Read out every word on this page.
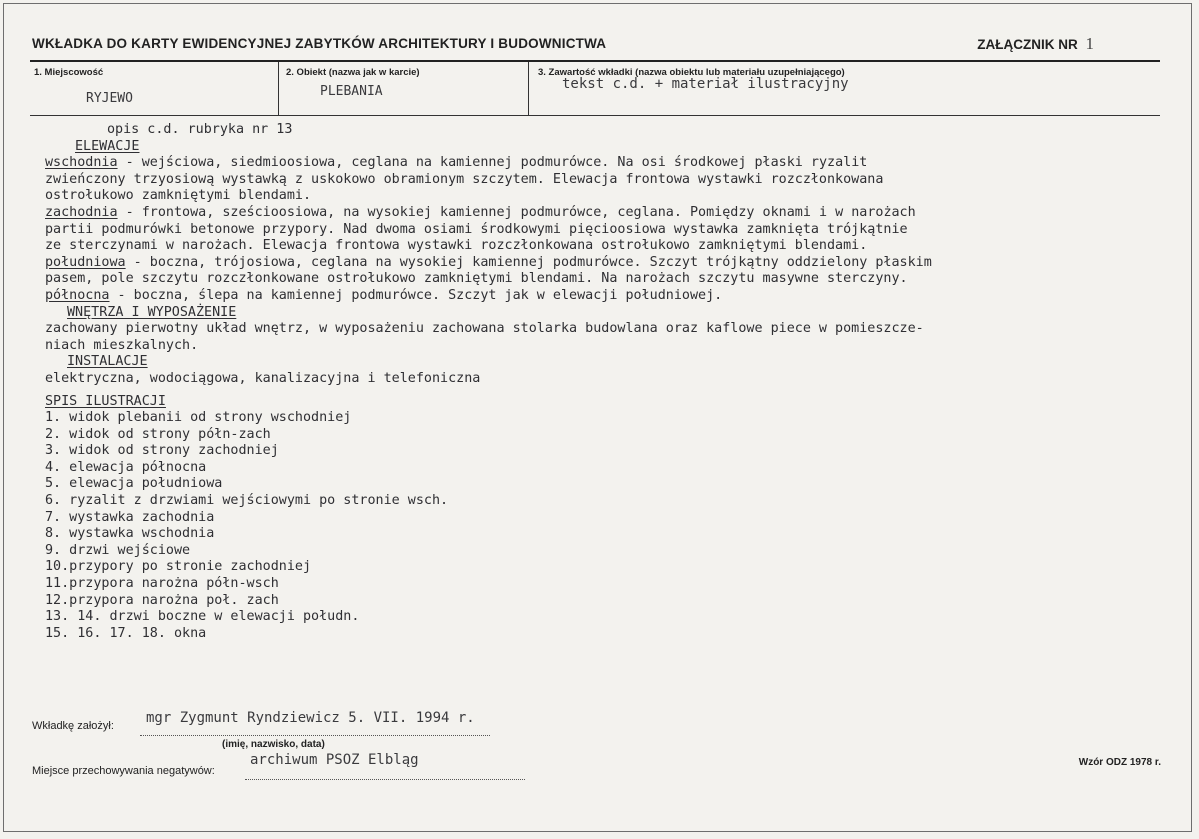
WKŁADKA DO KARTY EWIDENCYJNEJ ZABYTKÓW ARCHITEKTURY I BUDOWNICTWA	ZAŁĄCZNIK NR 1
1. Miejscowość
RYJEWO
2. Obiekt (nazwa jak w karcie)
PLEBANIA
3. Zawartość wkładki (nazwa obiektu lub materiału uzupełniającego)
tekst c.d. + materiał ilustracyjny
opis c.d. rubryka nr 13
ELEWACJE
wschodnia - wejściowa, siedmioosiowa, ceglana na kamiennej podmurówce. Na osi środkowej płaski ryzalit
zwieńczony trzyosiową wystawką z uskokowo obramionym szczytem. Elewacja frontowa wystawki rozczłonkowana
ostrołukowo zamkniętymi blendami.
zachodnia - frontowa, sześcioosiowa, na wysokiej kamiennej podmurówce, ceglana. Pomiędzy oknami i w narożach
partii podmurówki betonowe przypory. Nad dwoma osiami środkowymi pięcioosiowa wystawka zamknięta trójkątnie
ze sterczynami w narożach. Elewacja frontowa wystawki rozczłonkowana ostrołukowo zamkniętymi blendami.
południowa - boczna, trójosiowa, ceglana na wysokiej kamiennej podmurówce. Szczyt trójkątny oddzielony płaskim
pasem, pole szczytu rozczłonkowane ostrołukowo zamkniętymi blendami. Na narożach szczytu masywne sterczyny.
północna - boczna, ślepa na kamiennej podmurówce. Szczyt jak w elewacji południowej.
WNĘTRZA I WYPOSAŻENIE
zachowany pierwotny układ wnętrz, w wyposażeniu zachowana stolarka budowlana oraz kaflowe piece w pomieszcze-
niach mieszkalnych.
INSTALACJE
elektryczna, wodociągowa, kanalizacyjna i telefoniczna
SPIS ILUSTRACJI
1. widok plebanii od strony wschodniej
2. widok od strony półn-zach
3. widok od strony zachodniej
4. elewacja północna
5. elewacja południowa
6. ryzalit z drzwiami wejściowymi po stronie wsch.
7. wystawka zachodnia
8. wystawka wschodnia
9. drzwi wejściowe
10.przypory po stronie zachodniej
11.przypora narożna półn-wsch
12.przypora narożna poł. zach
13. 14. drzwi boczne w elewacji połudn.
15. 16. 17. 18. okna
Wkładkę założył: mgr Zygmunt Ryndziewicz 5. VII. 1994 r.
(imię, nazwisko, data)
Miejsce przechowywania negatywów:
archiwum PSOZ Elbląg	Wzór ODZ 1978 r.
